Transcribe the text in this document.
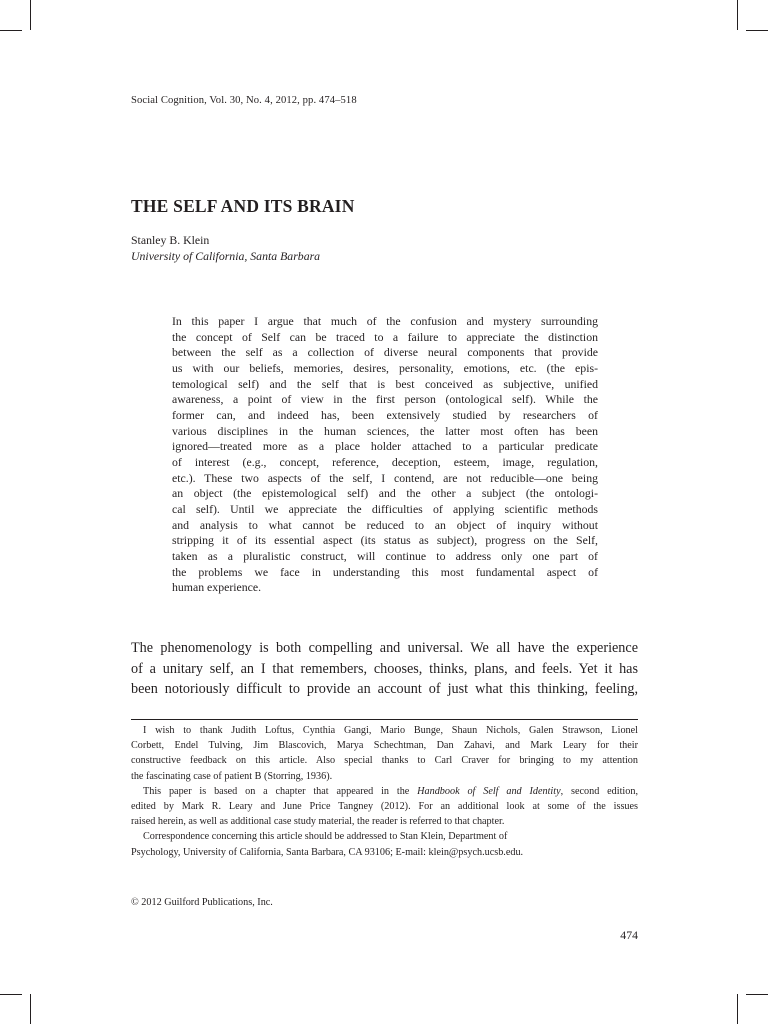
Social Cognition, Vol. 30, No. 4, 2012, pp. 474–518
THE SELF AND ITS BRAIN
Stanley B. Klein
University of California, Santa Barbara
In this paper I argue that much of the confusion and mystery surrounding
the concept of Self can be traced to a failure to appreciate the distinction
between the self as a collection of diverse neural components that provide
us with our beliefs, memories, desires, personality, emotions, etc. (the epis-
temological self) and the self that is best conceived as subjective, unified
awareness, a point of view in the first person (ontological self). While the
former can, and indeed has, been extensively studied by researchers of
various disciplines in the human sciences, the latter most often has been
ignored—treated more as a place holder attached to a particular predicate
of interest (e.g., concept, reference, deception, esteem, image, regulation,
etc.). These two aspects of the self, I contend, are not reducible—one being
an object (the epistemological self) and the other a subject (the ontologi-
cal self). Until we appreciate the difficulties of applying scientific methods
and analysis to what cannot be reduced to an object of inquiry without
stripping it of its essential aspect (its status as subject), progress on the Self,
taken as a pluralistic construct, will continue to address only one part of
the problems we face in understanding this most fundamental aspect of
human experience.
The phenomenology is both compelling and universal. We all have the experience
of a unitary self, an I that remembers, chooses, thinks, plans, and feels. Yet it has
been notoriously difficult to provide an account of just what this thinking, feeling,
I wish to thank Judith Loftus, Cynthia Gangi, Mario Bunge, Shaun Nichols, Galen Strawson, Lionel
Corbett, Endel Tulving, Jim Blascovich, Marya Schechtman, Dan Zahavi, and Mark Leary for their
constructive feedback on this article. Also special thanks to Carl Craver for bringing to my attention
the fascinating case of patient B (Storring, 1936).
This paper is based on a chapter that appeared in the Handbook of Self and Identity, second edition,
edited by Mark R. Leary and June Price Tangney (2012). For an additional look at some of the issues
raised herein, as well as additional case study material, the reader is referred to that chapter.
Correspondence concerning this article should be addressed to Stan Klein, Department of
Psychology, University of California, Santa Barbara, CA 93106; E-mail: klein@psych.ucsb.edu.
© 2012 Guilford Publications, Inc.
474
